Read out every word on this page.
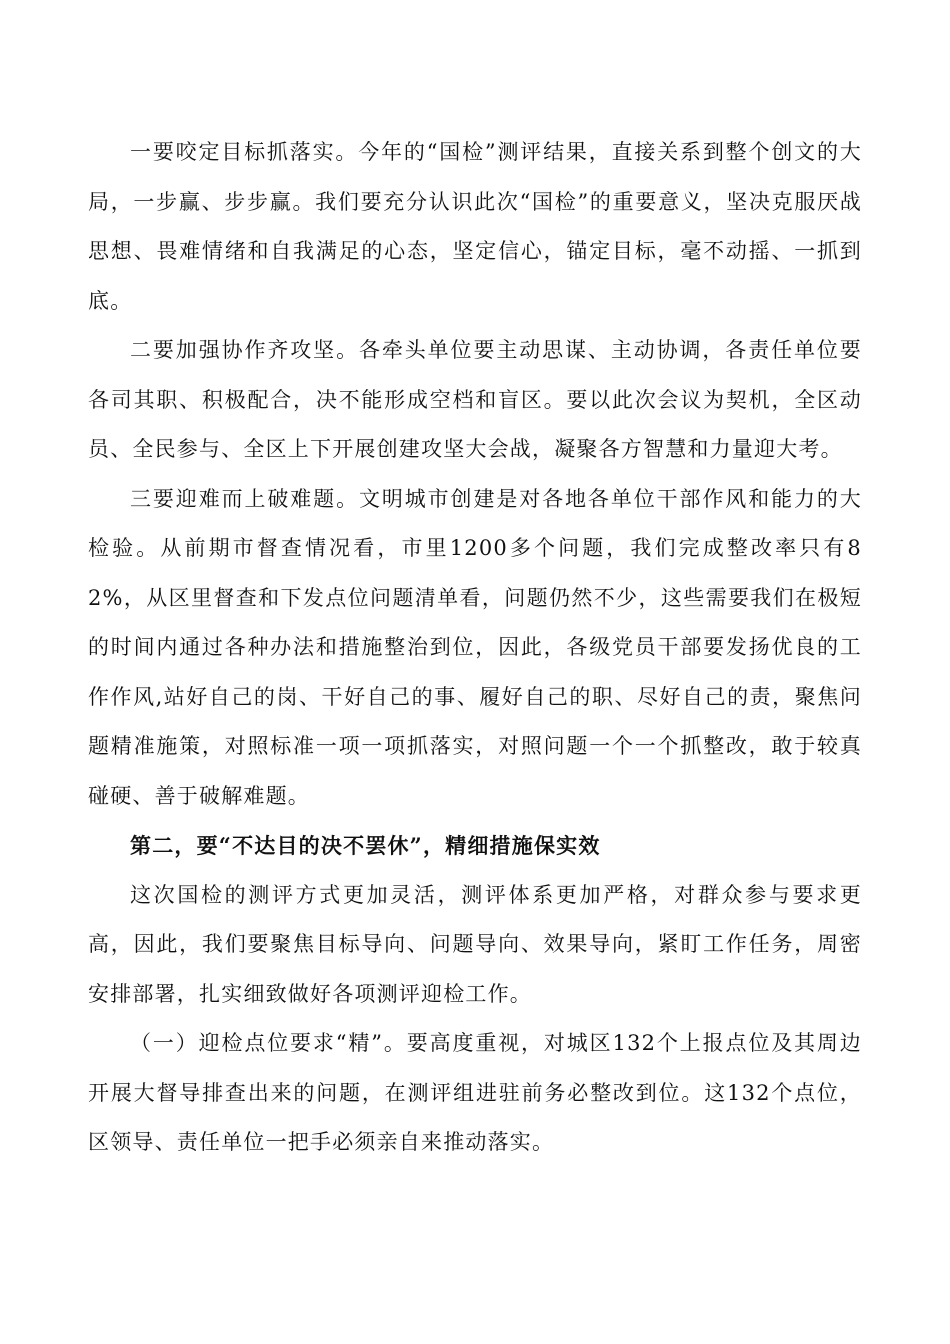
一要咬定目标抓落实。今年的“国检”测评结果，直接关系到整个创文的大局，一步赢、步步赢。我们要充分认识此次“国检”的重要意义，坚决克服厌战思想、畏难情绪和自我满足的心态，坚定信心，锚定目标，毫不动摇、一抓到底。

二要加强协作齐攻坚。各牵头单位要主动思谋、主动协调，各责任单位要各司其职、积极配合，决不能形成空档和盲区。要以此次会议为契机，全区动员、全民参与、全区上下开展创建攻坚大会战，凝聚各方智慧和力量迎大考。

三要迎难而上破难题。文明城市创建是对各地各单位干部作风和能力的大检验。从前期市督查情况看，市里1200多个问题，我们完成整改率只有82%，从区里督查和下发点位问题清单看，问题仍然不少，这些需要我们在极短的时间内通过各种办法和措施整治到位，因此，各级党员干部要发扬优良的工作作风,站好自己的岗、干好自己的事、履好自己的职、尽好自己的责，聚焦问题精准施策，对照标准一项一项抓落实，对照问题一个一个抓整改，敢于较真碰硬、善于破解难题。

第二，要“不达目的决不罢休”，精细措施保实效

这次国检的测评方式更加灵活，测评体系更加严格，对群众参与要求更高，因此，我们要聚焦目标导向、问题导向、效果导向，紧盯工作任务，周密安排部署，扎实细致做好各项测评迎检工作。

（一）迎检点位要求“精”。要高度重视，对城区132个上报点位及其周边开展大督导排查出来的问题，在测评组进驻前务必整改到位。这132个点位，区领导、责任单位一把手必须亲自来推动落实。
